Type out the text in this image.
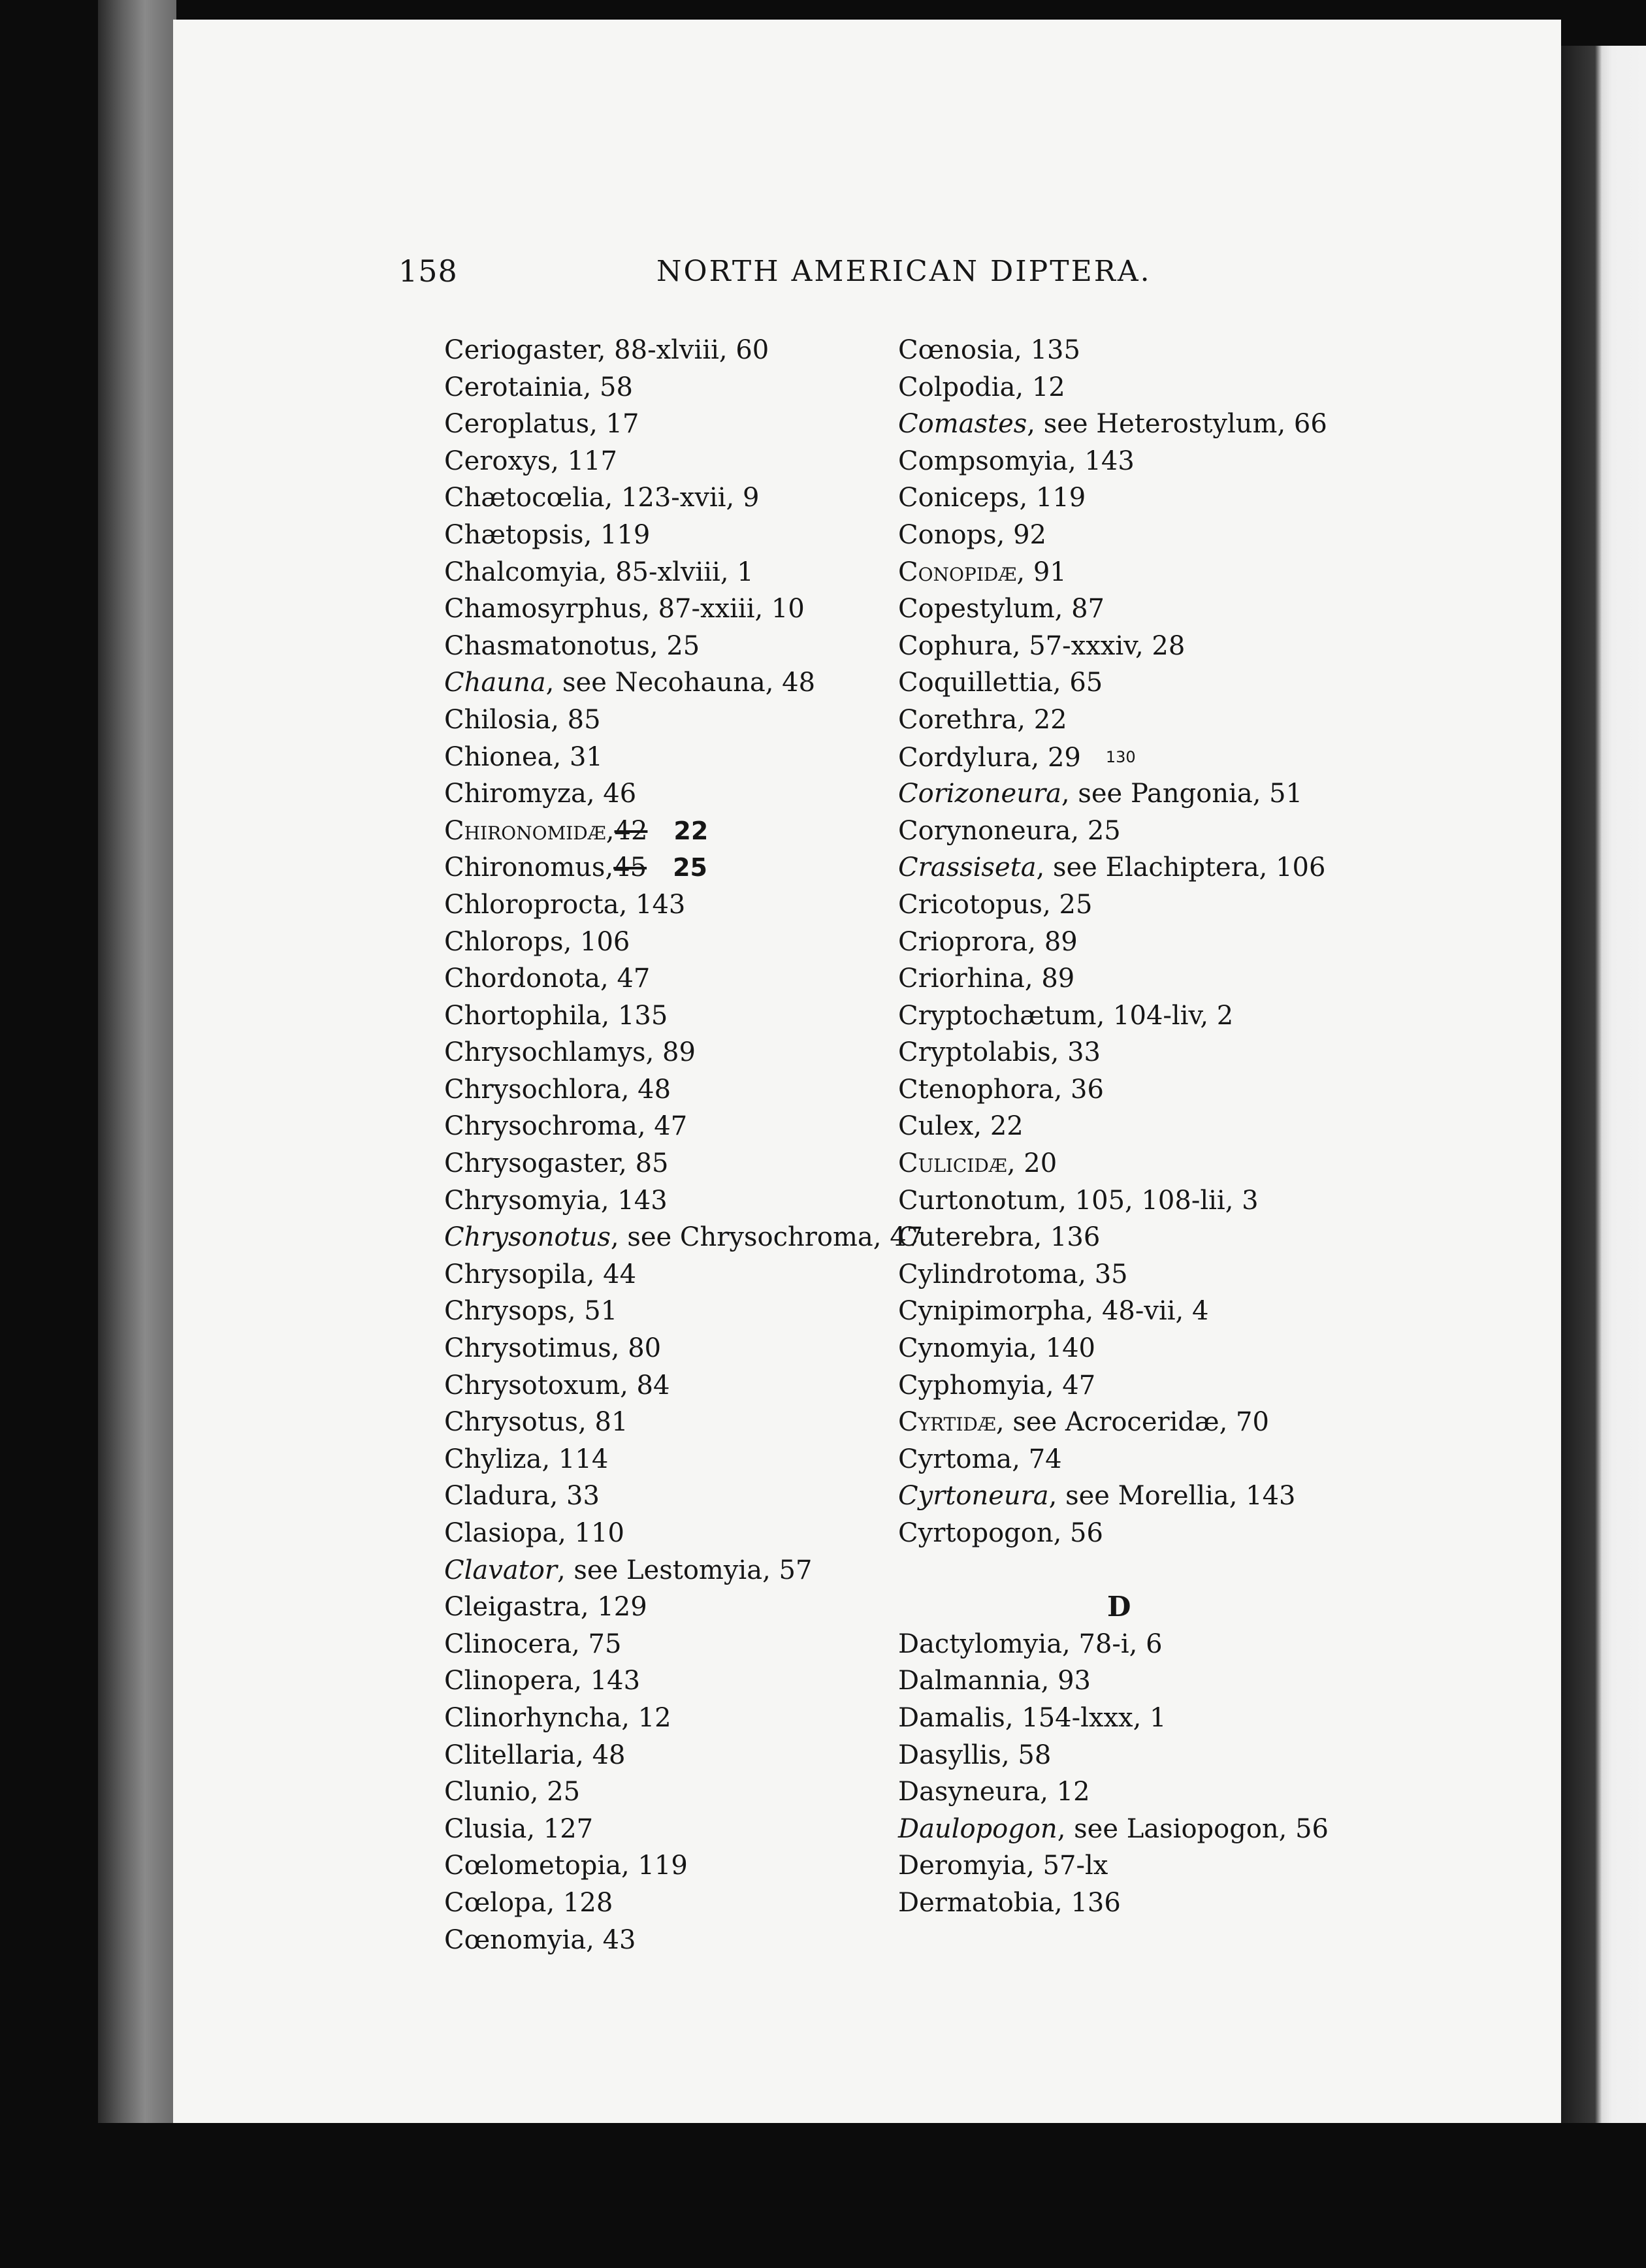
158	NORTH AMERICAN DIPTERA.
Ceriogaster, 88-xlviii, 60
Cerotainia, 58
Ceroplatus, 17
Ceroxys, 117
Chætocœlia, 123-xvii, 9
Chætopsis, 119
Chalcomyia, 85-xlviii, 1
Chamosyrphus, 87-xxiii, 10
Chasmatonotus, 25
Chauna, see Necohauna, 48
Chilosia, 85
Chionea, 31
Chiromyza, 46
Chironomidæ,42 22
Chironomus,45 25
Chloroprocta, 143
Chlorops, 106
Chordonota, 47
Chortophila, 135
Chrysochlamys, 89
Chrysochlora, 48
Chrysochroma, 47
Chrysogaster, 85
Chrysomyia, 143
Chrysonotus, see Chrysochroma, 47
Chrysopila, 44
Chrysops, 51
Chrysotimus, 80
Chrysotoxum, 84
Chrysotus, 81
Chyliza, 114
Cladura, 33
Clasiopa, 110
Clavator, see Lestomyia, 57
Cleigastra, 129
Clinocera, 75
Clinopera, 143
Clinorhyncha, 12
Clitellaria, 48
Clunio, 25
Clusia, 127
Cœlometopia, 119
Cœlopa, 128
Cœnomyia, 43
Cœnosia, 135
Colpodia, 12
Comastes, see Heterostylum, 66
Compsomyia, 143
Coniceps, 119
Conops, 92
Conopidæ, 91
Copestylum, 87
Cophura, 57-xxxiv, 28
Coquillettia, 65
Corethra, 22
Cordylura, 29 130
Corizoneura, see Pangonia, 51
Corynoneura, 25
Crassiseta, see Elachiptera, 106
Cricotopus, 25
Crioprora, 89
Criorhina, 89
Cryptochætum, 104-liv, 2
Cryptolabis, 33
Ctenophora, 36
Culex, 22
Culicidæ, 20
Curtonotum, 105, 108-lii, 3
Cuterebra, 136
Cylindrotoma, 35
Cynipimorpha, 48-vii, 4
Cynomyia, 140
Cyphomyia, 47
Cyrtidæ, see Acroceridæ, 70
Cyrtoma, 74
Cyrtoneura, see Morellia, 143
Cyrtopogon, 56
D
Dactylomyia, 78-i, 6
Dalmannia, 93
Damalis, 154-lxxx, 1
Dasyllis, 58
Dasyneura, 12
Daulopogon, see Lasiopogon, 56
Deromyia, 57-lx
Dermatobia, 136
